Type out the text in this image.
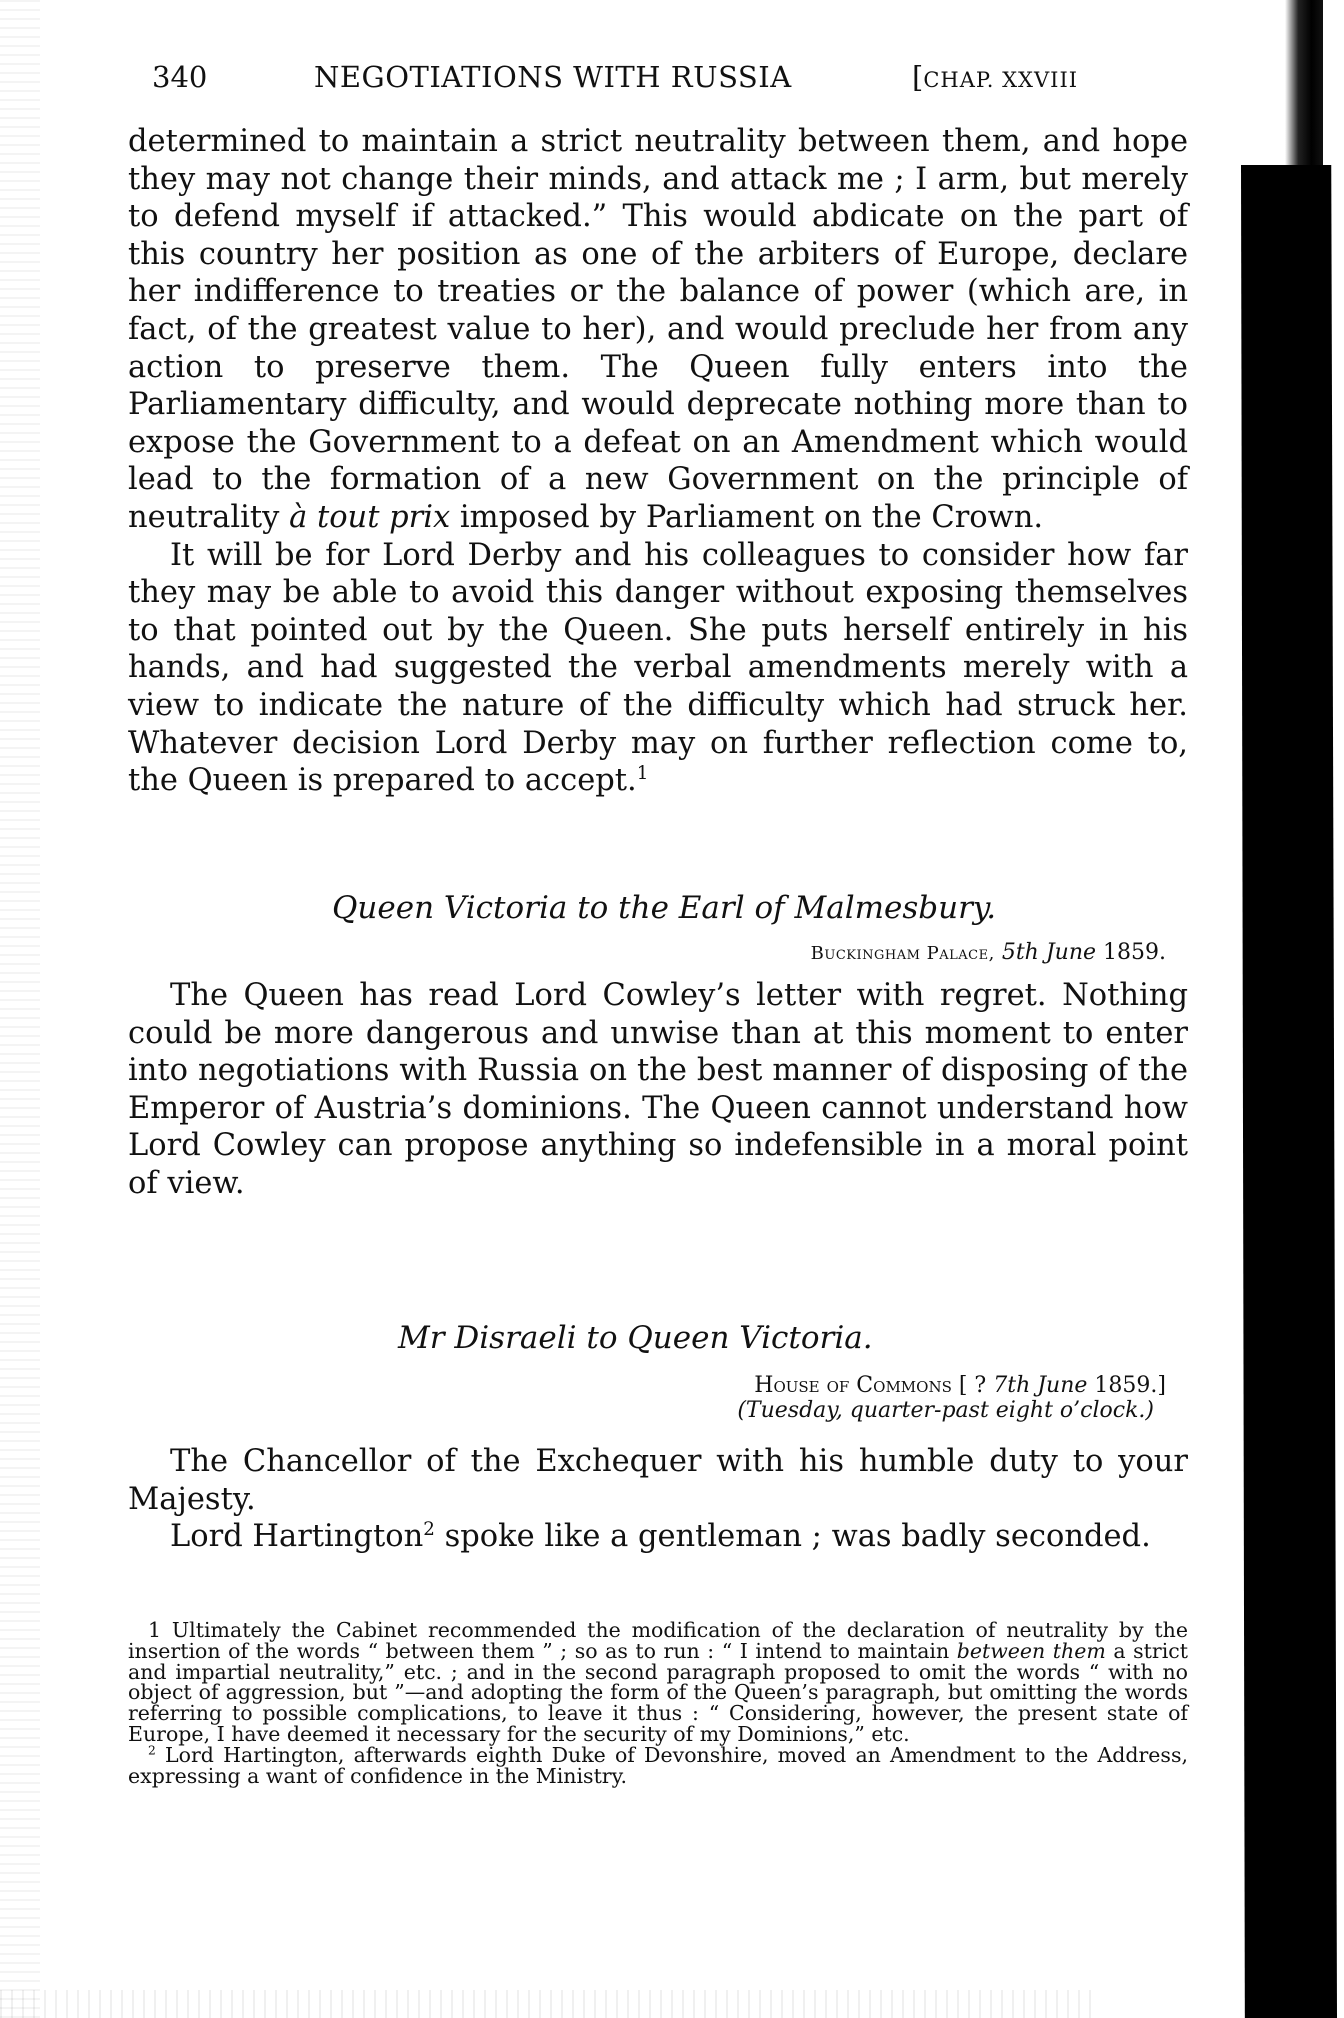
340	NEGOTIATIONS WITH RUSSIA	[CHAP. XXVIII

determined to maintain a strict neutrality between them, and hope they may not change their minds, and attack me ; I arm, but merely to defend myself if attacked.” This would abdicate on the part of this country her position as one of the arbiters of Europe, declare her indifference to treaties or the balance of power (which are, in fact, of the greatest value to her), and would preclude her from any action to preserve them. The Queen fully enters into the Parliamentary difficulty, and would deprecate nothing more than to expose the Government to a defeat on an Amendment which would lead to the formation of a new Government on the principle of neutrality à tout prix imposed by Parliament on the Crown.

It will be for Lord Derby and his colleagues to consider how far they may be able to avoid this danger without exposing themselves to that pointed out by the Queen. She puts herself entirely in his hands, and had suggested the verbal amendments merely with a view to indicate the nature of the difficulty which had struck her. Whatever decision Lord Derby may on further reflection come to, the Queen is prepared to accept.$^1$

Queen Victoria to the Earl of Malmesbury.
Buckingham Palace, 5th June 1859.

The Queen has read Lord Cowley’s letter with regret. Nothing could be more dangerous and unwise than at this moment to enter into negotiations with Russia on the best manner of disposing of the Emperor of Austria’s dominions. The Queen cannot understand how Lord Cowley can propose anything so indefensible in a moral point of view.

Mr Disraeli to Queen Victoria.
House of Commons [ ? 7th June 1859.]
(Tuesday, quarter-past eight o’clock.)

The Chancellor of the Exchequer with his humble duty to your Majesty.

Lord Hartington$^2$ spoke like a gentleman ; was badly seconded.

1 Ultimately the Cabinet recommended the modification of the declaration of neutrality by the insertion of the words “ between them ” ; so as to run : “ I intend to maintain between them a strict and impartial neutrality,” etc. ; and in the second paragraph proposed to omit the words “ with no object of aggression, but ”—and adopting the form of the Queen’s paragraph, but omitting the words referring to possible complications, to leave it thus : “ Considering, however, the present state of Europe, I have deemed it necessary for the security of my Dominions,” etc.

$^2$ Lord Hartington, afterwards eighth Duke of Devonshire, moved an Amendment to the Address, expressing a want of confidence in the Ministry.
